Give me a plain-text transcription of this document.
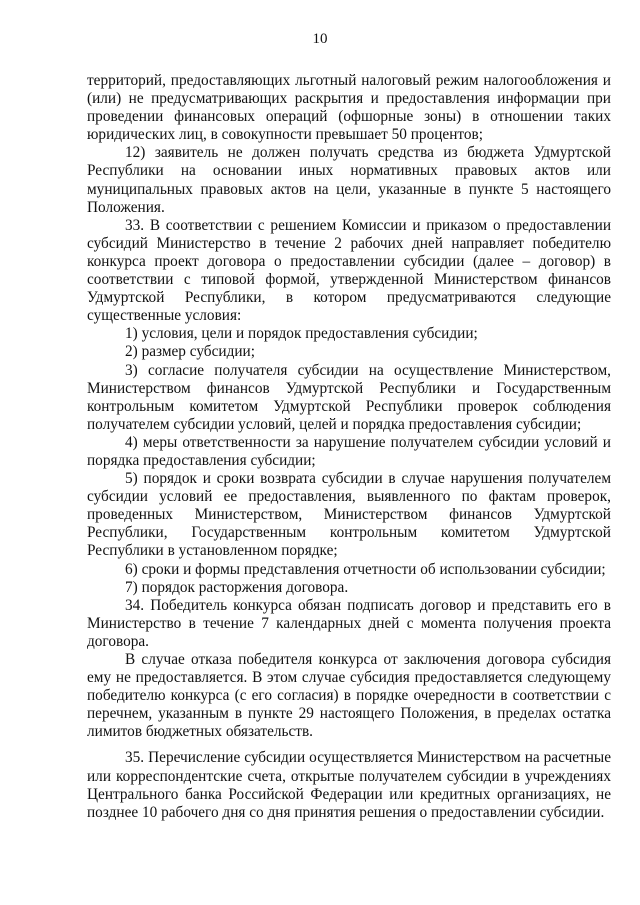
10

территорий, предоставляющих льготный налоговый режим налогообложения и (или) не предусматривающих раскрытия и предоставления информации при проведении финансовых операций (офшорные зоны) в отношении таких юридических лиц, в совокупности превышает 50 процентов;

12) заявитель не должен получать средства из бюджета Удмуртской Республики на основании иных нормативных правовых актов или муниципальных правовых актов на цели, указанные в пункте 5 настоящего Положения.

33. В соответствии с решением Комиссии и приказом о предоставлении субсидий Министерство в течение 2 рабочих дней направляет победителю конкурса проект договора о предоставлении субсидии (далее – договор) в соответствии с типовой формой, утвержденной Министерством финансов Удмуртской Республики, в котором предусматриваются следующие существенные условия:

1) условия, цели и порядок предоставления субсидии;

2) размер субсидии;

3) согласие получателя субсидии на осуществление Министерством, Министерством финансов Удмуртской Республики и Государственным контрольным комитетом Удмуртской Республики проверок соблюдения получателем субсидии условий, целей и порядка предоставления субсидии;

4) меры ответственности за нарушение получателем субсидии условий и порядка предоставления субсидии;

5) порядок и сроки возврата субсидии в случае нарушения получателем субсидии условий ее предоставления, выявленного по фактам проверок, проведенных Министерством, Министерством финансов Удмуртской Республики, Государственным контрольным комитетом Удмуртской Республики в установленном порядке;

6) сроки и формы представления отчетности об использовании субсидии;

7) порядок расторжения договора.

34. Победитель конкурса обязан подписать договор и представить его в Министерство в течение 7 календарных дней с момента получения проекта договора.

В случае отказа победителя конкурса от заключения договора субсидия ему не предоставляется. В этом случае субсидия предоставляется следующему победителю конкурса (с его согласия) в порядке очередности в соответствии с перечнем, указанным в пункте 29 настоящего Положения, в пределах остатка лимитов бюджетных обязательств.

35. Перечисление субсидии осуществляется Министерством на расчетные или корреспондентские счета, открытые получателем субсидии в учреждениях Центрального банка Российской Федерации или кредитных организациях, не позднее 10 рабочего дня со дня принятия решения о предоставлении субсидии.
